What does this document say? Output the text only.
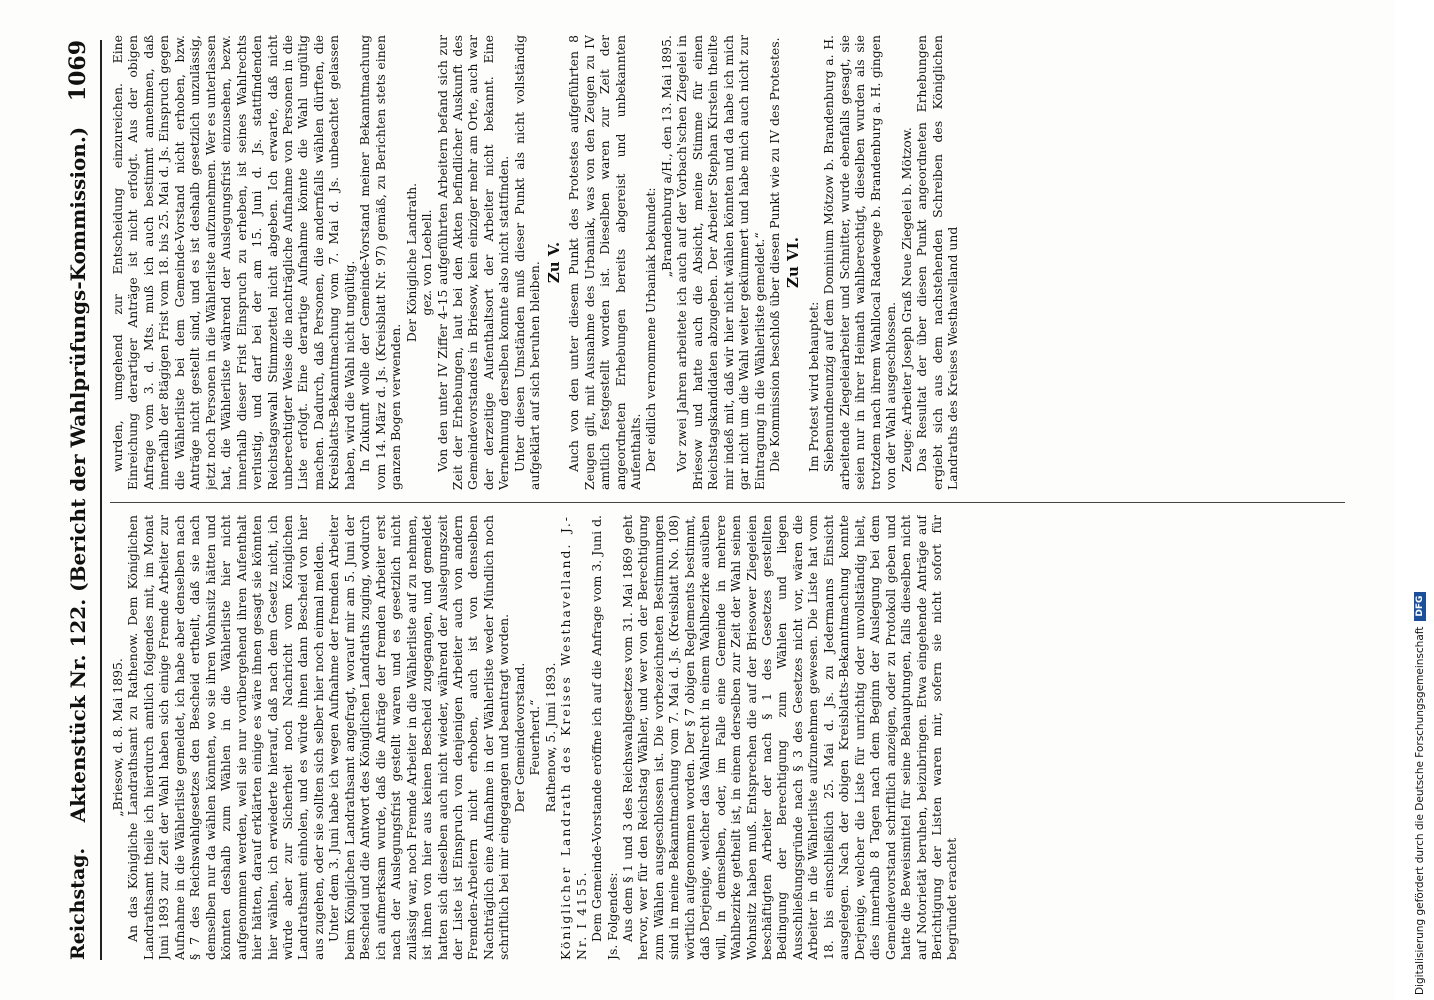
Reichstag.
Aktenstück Nr. 122. (Bericht der Wahlprüfungs-Kommission.)
1069

„Briesow, d. 8. Mai 1895. An das Königliche Landrathsamt zu Rathenow. Dem Königlichen Landrathsamt theile ich hierdurch amtlich folgendes mit, im Monat Juni 1893 zur Zeit der Wahl haben sich einige Fremde Arbeiter zur Aufnahme in die Wählerliste gemeldet, ich habe aber denselben nach § 7 des Reichswahlgesetzes den Bescheid ertheilt, daß sie nach demselben nur da wählen könnten, wo sie ihren Wohnsitz hätten und könnten deshalb zum Wählen in die Wählerliste hier nicht aufgenommen werden, weil sie nur vorübergehend ihren Aufenthalt hier hätten, darauf erklärten einige es wäre ihnen gesagt sie könnten hier wählen, ich erwiederte hierauf, daß nach dem Gesetz nicht, ich würde aber zur Sicherheit noch Nachricht vom Königlichen Landrathsamt einholen, und es würde ihnen dann Bescheid von hier aus zugehen, oder sie sollten sich selber hier noch einmal melden. Unter dem 3. Juni habe ich wegen Aufnahme der fremden Arbeiter beim Königlichen Landrathsamt angefragt, worauf mir am 5. Juni der Bescheid und die Antwort des Königlichen Landraths zuging, wodurch ich aufmerksam wurde, daß die Anträge der fremden Arbeiter erst nach der Auslegungsfrist gestellt waren und es gesetzlich nicht zulässig war, noch Fremde Arbeiter in die Wählerliste auf zu nehmen, ist ihnen von hier aus keinen Bescheid zugegangen, und gemeldet hatten sich dieselben auch nicht wieder, während der Auslegungszeit der Liste ist Einspruch von denjenigen Arbeiter auch von andern Fremden-Arbeitern nicht erhoben, auch ist von denselben Nachträglich eine Aufnahme in der Wählerliste weder Mündlich noch schriftlich bei mir eingegangen und beantragt worden. Der Gemeindevorstand. Feuerherd.“ Rathenow, 5. Juni 1893. Königlicher Landrath des Kreises Westhavelland. J.-Nr. I 4155. Dem Gemeinde-Vorstande eröffne ich auf die Anfrage vom 3. Juni d. Js. Folgendes: Aus dem § 1 und 3 des Reichswahlgesetzes vom 31. Mai 1869 geht hervor, wer für den Reichstag Wähler, und wer von der Berechtigung zum Wählen ausgeschlossen ist. Die vorbezeichneten Bestimmungen sind in meine Bekanntmachung vom 7. Mai d. Js. (Kreisblatt No. 108) wörtlich aufgenommen worden. Der § 7 obigen Reglements bestimmt, daß Derjenige, welcher das Wahlrecht in einem Wahlbezirke ausüben will, in demselben, oder, im Falle eine Gemeinde in mehrere Wahlbezirke getheilt ist, in einem derselben zur Zeit der Wahl seinen Wohnsitz haben muß. Entsprechen die auf der Briesower Ziegeleien beschäftigten Arbeiter der nach § 1 des Gesetzes gestellten Bedingung der Berechtigung zum Wählen und liegen Ausschließungsgründe nach § 3 des Gesetzes nicht vor, wären die Arbeiter in die Wählerliste aufzunehmen gewesen. Die Liste hat vom 18. bis einschließlich 25. Mai d. Js. zu Jedermanns Einsicht ausgelegen. Nach der obigen Kreisblatts-Bekanntmachung konnte Derjenige, welcher die Liste für unrichtig oder unvollständig hielt, dies innerhalb 8 Tagen nach dem Beginn der Auslegung bei dem Gemeindevorstand schriftlich anzeigen, oder zu Protokoll geben und hatte die Beweismittel für seine Behauptungen, falls dieselben nicht auf Notorietät beruhen, beizubringen. Etwa eingehende Anträge auf Berichtigung der Listen waren mir, sofern sie nicht sofort für begründet erachtet

wurden, umgehend zur Entscheidung einzureichen. Eine Einreichung derartiger Anträge ist nicht erfolgt. Aus der obigen Anfrage vom 3. d. Mts. muß ich auch bestimmt annehmen, daß innerhalb der 8tägigen Frist vom 18. bis 25. Mai d. Js. Einspruch gegen die Wählerliste bei dem Gemeinde-Vorstand nicht erhoben, bzw. Anträge nicht gestellt sind, und es ist deshalb gesetzlich unzulässig, jetzt noch Personen in die Wählerliste aufzunehmen. Wer es unterlassen hat, die Wählerliste während der Auslegungsfrist einzusehen, bezw. innerhalb dieser Frist Einspruch zu erheben, ist seines Wahlrechts verlustig, und darf bei der am 15. Juni d. Js. stattfindenden Reichstagswahl Stimmzettel nicht abgeben. Ich erwarte, daß nicht unberechtigter Weise die nachträgliche Aufnahme von Personen in die Liste erfolgt. Eine derartige Aufnahme könnte die Wahl ungültig machen. Dadurch, daß Personen, die andernfalls wählen dürften, die Kreisblatts-Bekanntmachung vom 7. Mai d. Js. unbeachtet gelassen haben, wird die Wahl nicht ungültig. In Zukunft wolle der Gemeinde-Vorstand meiner Bekanntmachung vom 14. März d. Js. (Kreisblatt Nr. 97) gemäß, zu Berichten stets einen ganzen Bogen verwenden.

Der Königliche Landrath. gez. von Loebell. Von den unter IV Ziffer 4–15 aufgeführten Arbeitern befand sich zur Zeit der Erhebungen, laut bei den Akten befindlicher Auskunft des Gemeindevorstandes in Briesow, kein einziger mehr am Orte, auch war der derzeitige Aufenthaltsort der Arbeiter nicht bekannt. Eine Vernehmung derselben konnte also nicht stattfinden. Unter diesen Umständen muß dieser Punkt als nicht vollständig aufgeklärt auf sich beruhen bleiben. Zu V. Auch von den unter diesem Punkt des Protestes aufgeführten 8 Zeugen gilt, mit Ausnahme des Urbaniak, was von den Zeugen zu IV amtlich festgestellt worden ist. Dieselben waren zur Zeit der angeordneten Erhebungen bereits abgereist und unbekannten Aufenthalts. Der eidlich vernommene Urbaniak bekundet:

„Brandenburg a/H., den 13. Mai 1895. Vor zwei Jahren arbeitete ich auch auf der Vorbach'schen Ziegelei in Briesow und hatte auch die Absicht, meine Stimme für einen Reichstagskandidaten abzugeben. Der Arbeiter Stephan Kirstein theilte mir indeß mit, daß wir hier nicht wählen könnten und da habe ich mich gar nicht um die Wahl weiter gekümmert und habe mich auch nicht zur Eintragung in die Wählerliste gemeldet.“ Die Kommission beschloß über diesen Punkt wie zu IV des Protestes. Zu VI.

Im Protest wird behauptet: Siebenundneunzig auf dem Dominium Mötzow b. Brandenburg a. H. arbeitende Ziegeleiarbeiter und Schnitter, wurde ebenfalls gesagt, sie seien nur in ihrer Heimath wahlberechtigt, dieselben wurden als sie trotzdem nach ihrem Wahllocal Radewege b. Brandenburg a. H. gingen von der Wahl ausgeschlossen. Zeuge: Arbeiter Joseph Graß Neue Ziegelei b. Mötzow. Das Resultat der über diesen Punkt angeordneten Erhebungen ergiebt sich aus dem nachstehenden Schreiben des Königlichen Landraths des Kreises Westhavelland und

Digitalisierung gefördert durch die Deutsche Forschungsgemeinschaft
DFG
